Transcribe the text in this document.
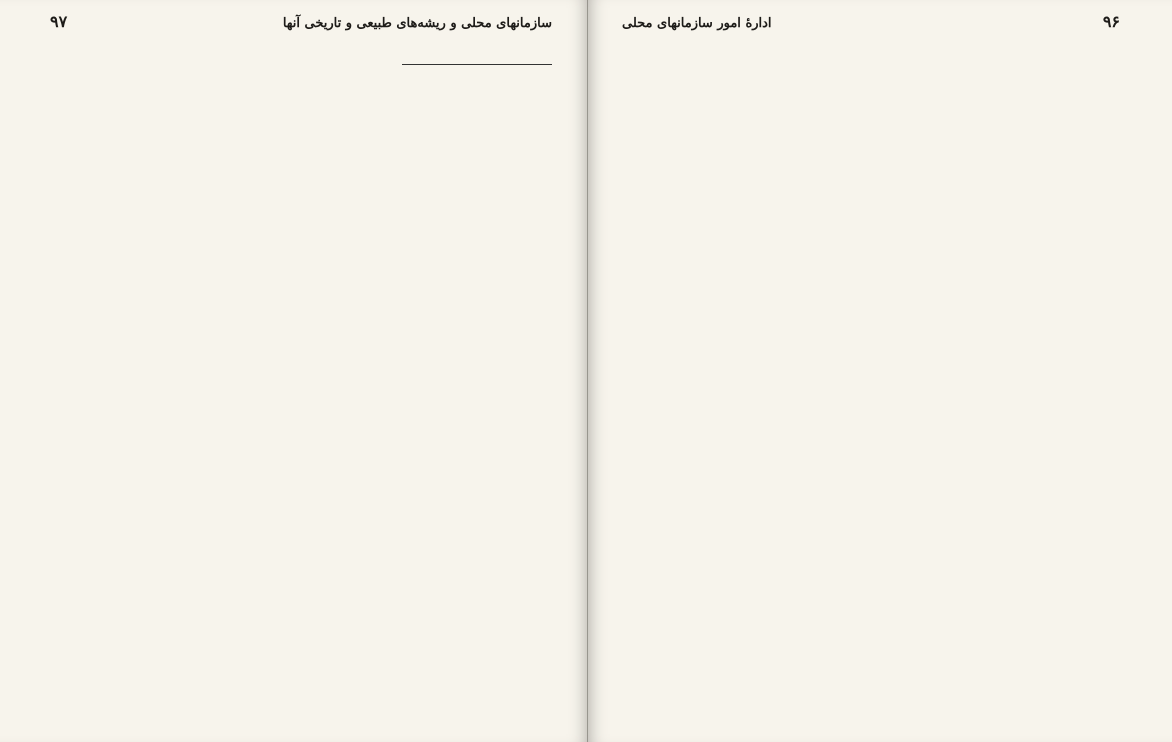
سازمانهای محلی و ریشه‌های طبیعی و تاریخی آنها
۹۷	۹۶
ادارهٔ امور سازمانهای محلی
